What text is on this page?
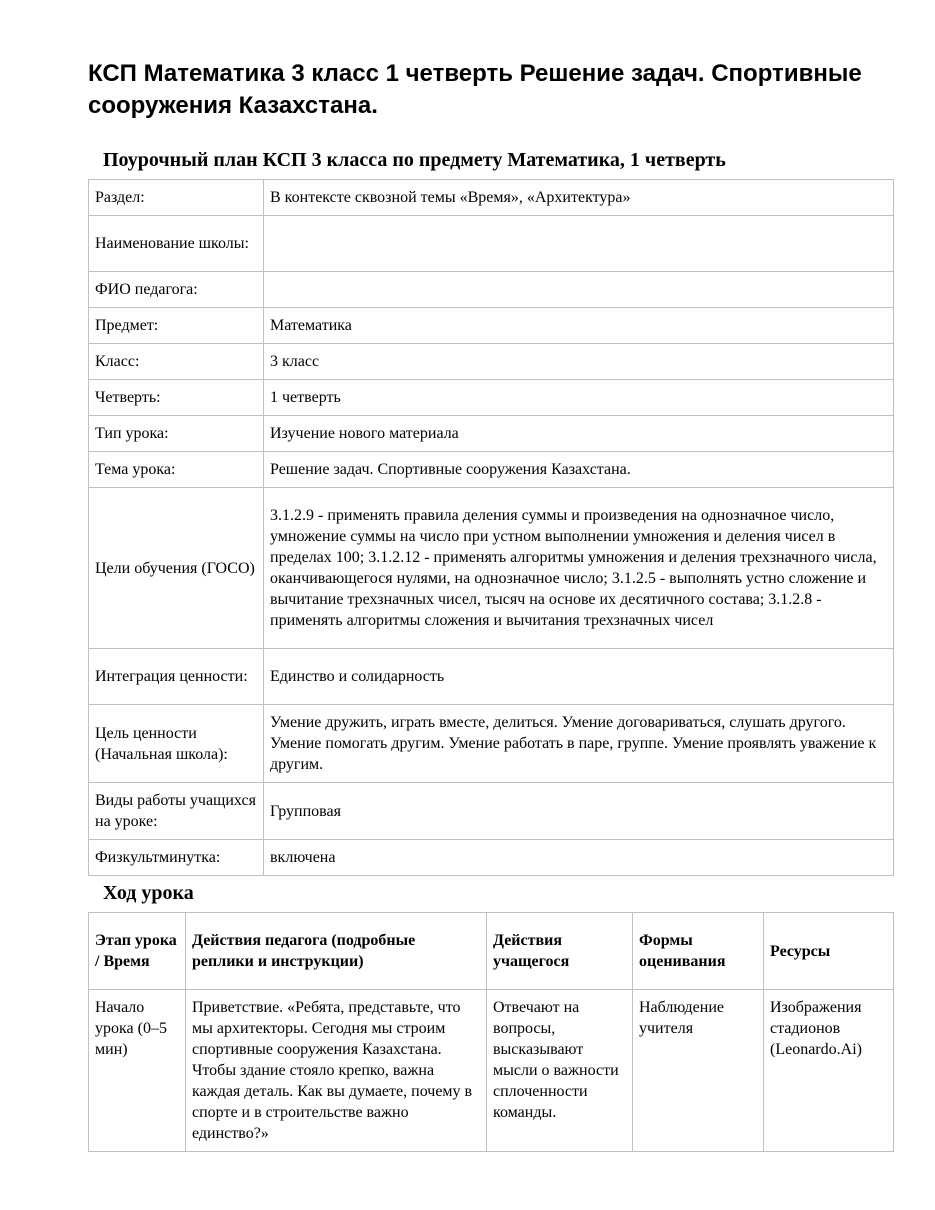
КСП Математика 3 класс 1 четверть Решение задач. Спортивные сооружения Казахстана.
Поурочный план КСП 3 класса по предмету Математика, 1 четверть
Раздел:	В контексте сквозной темы «Время», «Архитектура»
Наименование школы:	
ФИО педагога:	
Предмет:	Математика
Класс:	3 класс
Четверть:	1 четверть
Тип урока:	Изучение нового материала
Тема урока:	Решение задач. Спортивные сооружения Казахстана.
Цели обучения (ГОСО)	3.1.2.9 - применять правила деления суммы и произведения на однозначное число, умножение суммы на число при устном выполнении умножения и деления чисел в пределах 100; 3.1.2.12 - применять алгоритмы умножения и деления трехзначного числа, оканчивающегося нулями, на однозначное число; 3.1.2.5 - выполнять устно сложение и вычитание трехзначных чисел, тысяч на основе их десятичного состава; 3.1.2.8 - применять алгоритмы сложения и вычитания трехзначных чисел
Интеграция ценности:	Единство и солидарность
Цель ценности (Начальная школа):	Умение дружить, играть вместе, делиться. Умение договариваться, слушать другого. Умение помогать другим. Умение работать в паре, группе. Умение проявлять уважение к другим.
Виды работы учащихся на уроке:	Групповая
Физкультминутка:	включена
Ход урока
Этап урока / Время	Действия педагога (подробные реплики и инструкции)	Действия учащегося	Формы оценивания	Ресурсы
Начало урока (0–5 мин)	Приветствие. «Ребята, представьте, что мы архитекторы. Сегодня мы строим спортивные сооружения Казахстана. Чтобы здание стояло крепко, важна каждая деталь. Как вы думаете, почему в спорте и в строительстве важно единство?»	Отвечают на вопросы, высказывают мысли о важности сплоченности команды.	Наблюдение учителя	Изображения стадионов (Leonardo.Ai)
